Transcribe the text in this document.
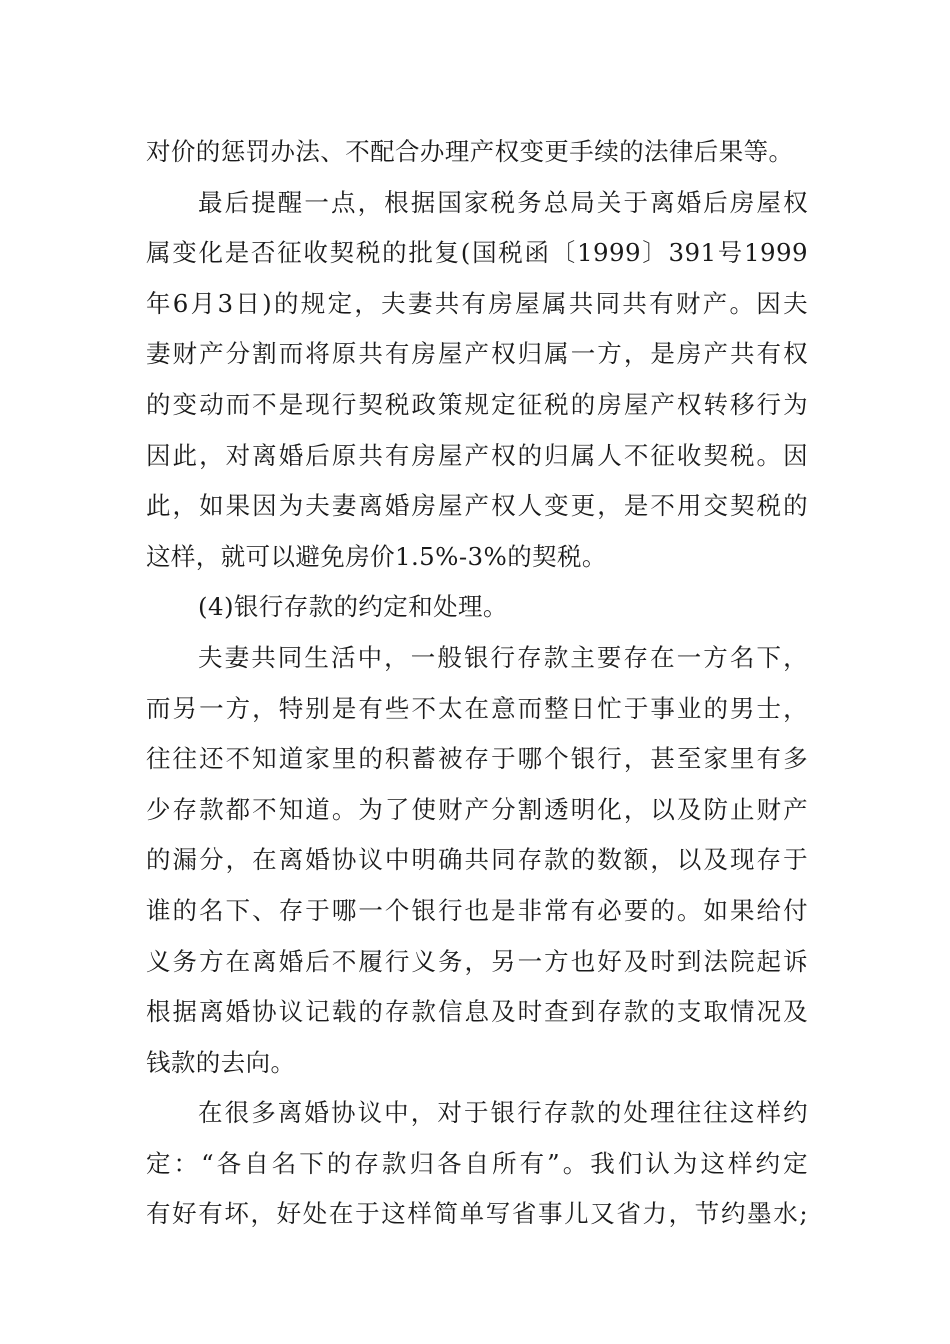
对价的惩罚办法、不配合办理产权变更手续的法律后果等。
最后提醒一点，根据国家税务总局关于离婚后房屋权
属变化是否征收契税的批复(国税函〔1999〕391号1999
年6月3日)的规定，夫妻共有房屋属共同共有财产。因夫
妻财产分割而将原共有房屋产权归属一方，是房产共有权
的变动而不是现行契税政策规定征税的房屋产权转移行为
因此，对离婚后原共有房屋产权的归属人不征收契税。因
此，如果因为夫妻离婚房屋产权人变更，是不用交契税的
这样，就可以避免房价1.5%-3%的契税。
(4)银行存款的约定和处理。
夫妻共同生活中，一般银行存款主要存在一方名下，
而另一方，特别是有些不太在意而整日忙于事业的男士，
往往还不知道家里的积蓄被存于哪个银行，甚至家里有多
少存款都不知道。为了使财产分割透明化，以及防止财产
的漏分，在离婚协议中明确共同存款的数额，以及现存于
谁的名下、存于哪一个银行也是非常有必要的。如果给付
义务方在离婚后不履行义务，另一方也好及时到法院起诉
根据离婚协议记载的存款信息及时查到存款的支取情况及
钱款的去向。
在很多离婚协议中，对于银行存款的处理往往这样约
定：“各自名下的存款归各自所有”。我们认为这样约定
有好有坏，好处在于这样简单写省事儿又省力，节约墨水;
